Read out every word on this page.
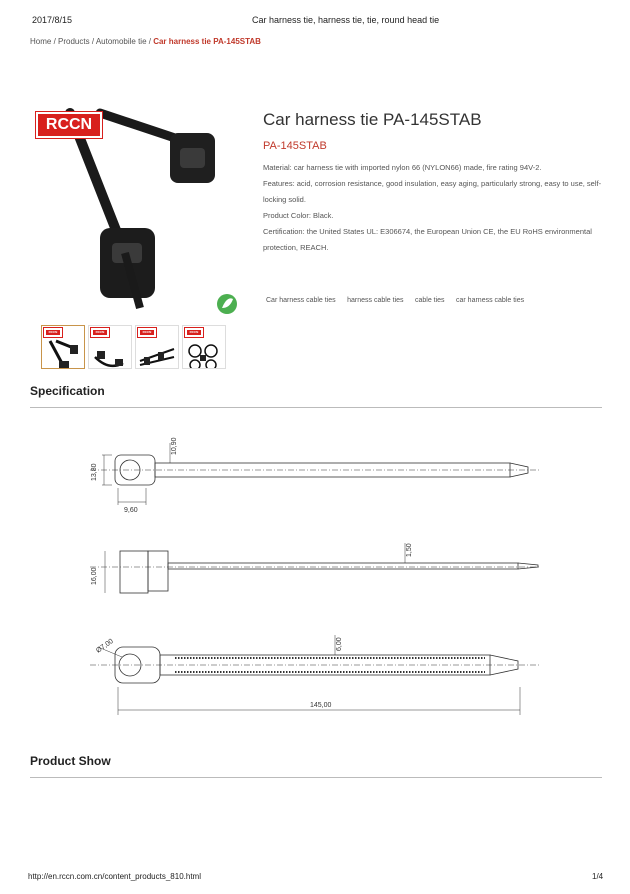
2017/8/15	Car harness tie, harness tie, tie, round head tie
Home / Products / Automobile tie / Car harness tie PA-145STAB
RCCN
RCCN	RCCN	RCCN	RCCN
Car harness tie PA-145STAB
PA-145STAB

Material: car harness tie with imported nylon 66 (NYLON66) made, fire rating 94V-2.

Features: acid, corrosion resistance, good insulation, easy aging, particularly strong, easy to use, self-locking solid.

Product Color: Black.

Certification: the United States UL: E306674, the European Union CE, the EU RoHS environmental protection, REACH.

Car harness cable ties harness cable ties cable ties car harness cable ties
Specification
10,90
13,80
9,60
1,50
16,00
Ø7,00	6,00
145,00
Product Show
http://en.rccn.com.cn/content_products_810.html	1/4
